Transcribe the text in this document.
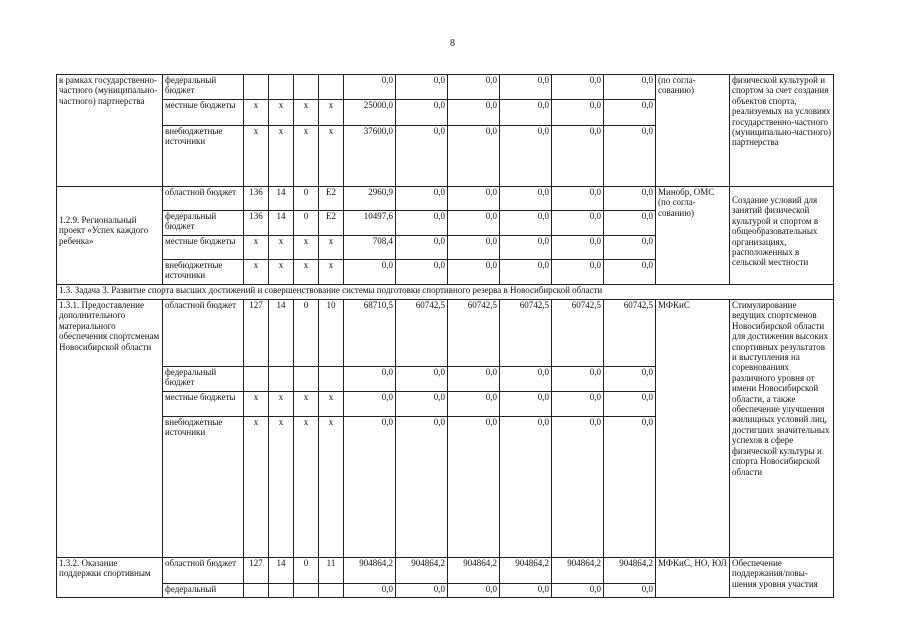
8
в рамках государственно-частного (муниципально-частного) партнерства	федеральный бюджет					0,0	0,0	0,0	0,0	0,0	0,0	(по согла-сованию)	физической культурой и спортом за счет создания объектов спорта, реализуемых на условиях государственно-частного (муниципально-частного) партнерства
	местные бюджеты	х	х	х	х	25000,0	0,0	0,0	0,0	0,0	0,0		
	внебюджетные источники	х	х	х	х	37600,0	0,0	0,0	0,0	0,0	0,0		
1.2.9. Региональный проект «Успех каждого ребенка»	областной бюджет	136	14	0	Е2	2960,9	0,0	0,0	0,0	0,0	0,0	Минобр, ОМС (по согла-сованию)	Создание условий для занятий физической культурой и спортом в общеобразовательных организациях, расположенных в сельской местности
	федеральный бюджет	136	14	0	Е2	10497,6	0,0	0,0	0,0	0,0	0,0		
	местные бюджеты	х	х	х	х	708,4	0,0	0,0	0,0	0,0	0,0		
	внебюджетные источники	х	х	х	х	0,0	0,0	0,0	0,0	0,0	0,0		
1.3. Задача 3. Развитие спорта высших достижений и совершенствование системы подготовки спортивного резерва в Новосибирской области													
1.3.1. Предоставление дополнительного материального обеспечения спортсменам Новосибирской области	областной бюджет	127	14	0	10	68710,5	60742,5	60742,5	60742,5	60742,5	60742,5	МФКиС	Стимулирование ведущих спортсменов Новосибирской области для достижения высоких спортивных результатов и выступления на соревнованиях различного уровня от имени Новосибирской области, а также обеспечение улучшения жилищных условий лиц, достигших значительных успехов в сфере физической культуры и спорта Новосибирской области
	федеральный бюджет					0,0	0,0	0,0	0,0	0,0	0,0		
	местные бюджеты	х	х	х	х	0,0	0,0	0,0	0,0	0,0	0,0		
	внебюджетные источники	х	х	х	х	0,0	0,0	0,0	0,0	0,0	0,0		
1.3.2. Оказание поддержки спортивным	областной бюджет	127	14	0	11	904864,2	904864,2	904864,2	904864,2	904864,2	904864,2	МФКиС, НО, ЮЛ	Обеспечение поддержания/повы-шения уровня участия
	федеральный					0,0	0,0	0,0	0,0	0,0	0,0		
